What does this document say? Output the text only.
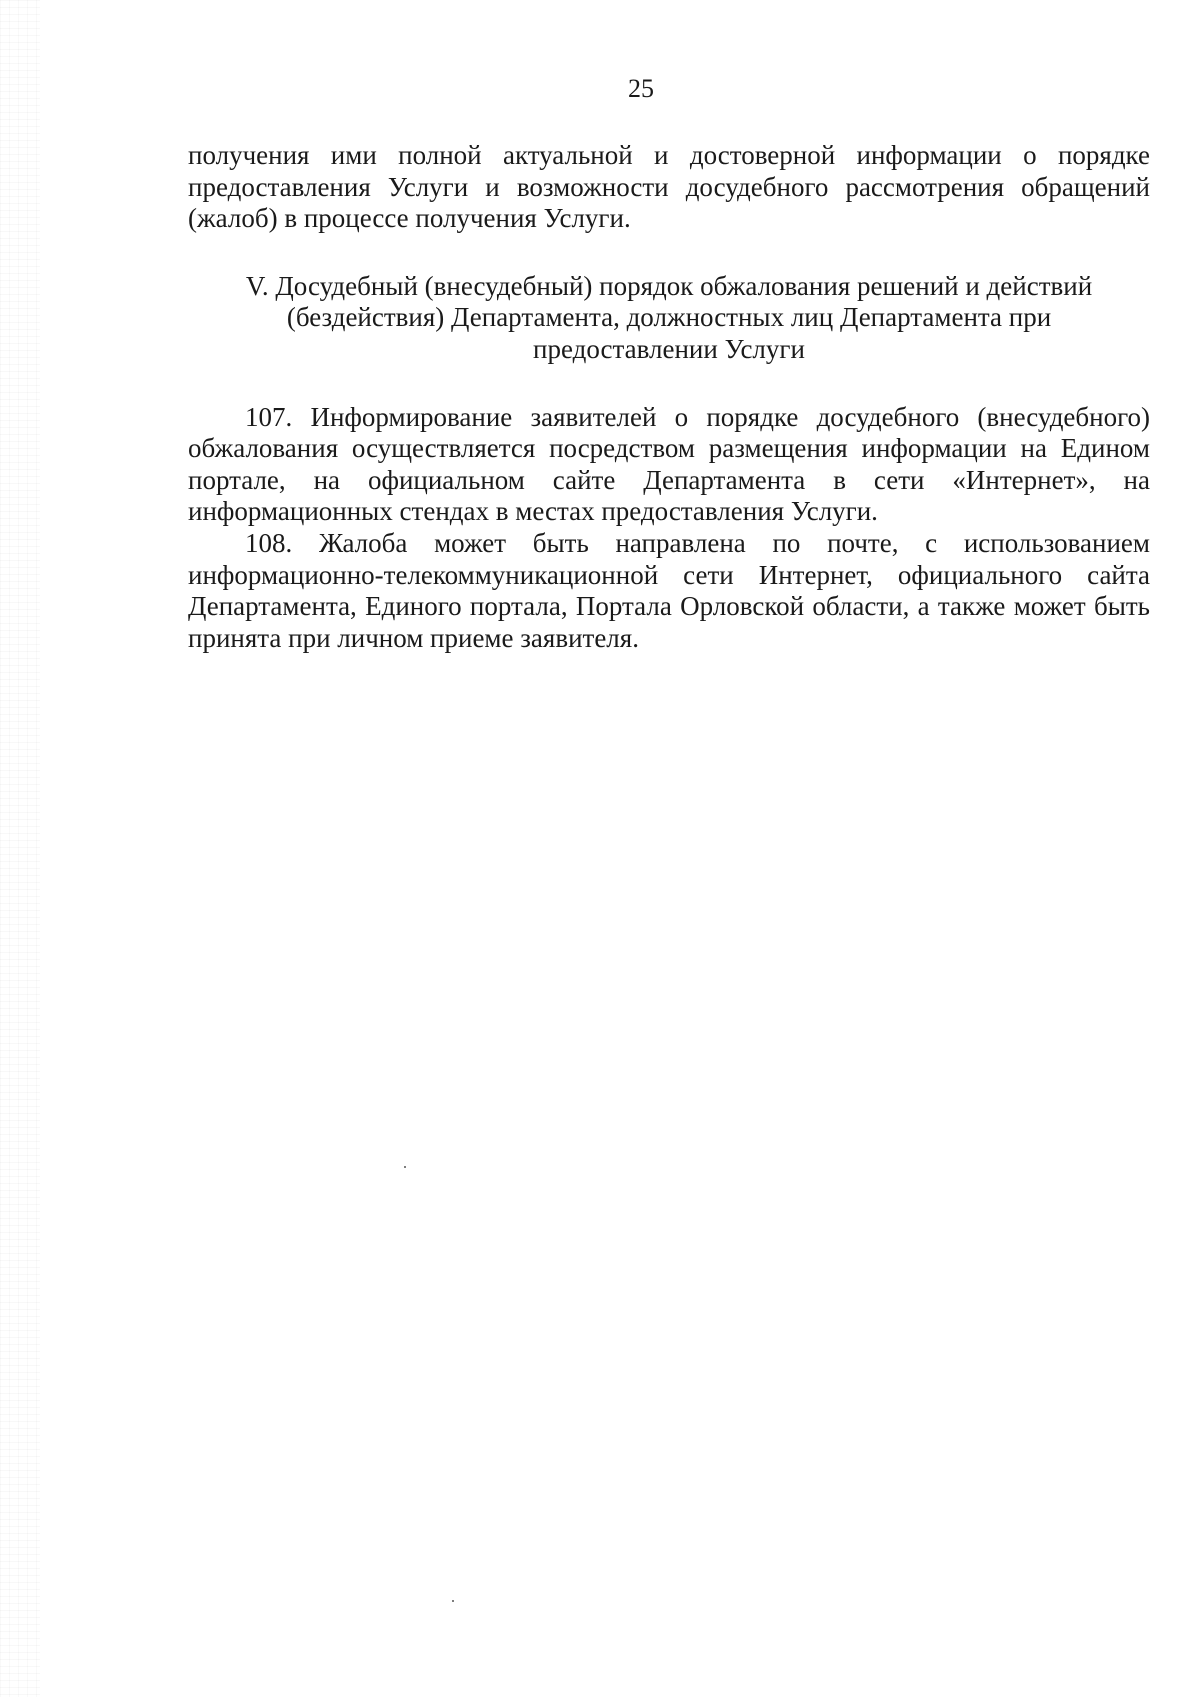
25

получения ими полной актуальной и достоверной информации о порядке предоставления Услуги и возможности досудебного рассмотрения обращений (жалоб) в процессе получения Услуги.

V. Досудебный (внесудебный) порядок обжалования решений и действий
(бездействия) Департамента, должностных лиц Департамента при
предоставлении Услуги

107. Информирование заявителей о порядке досудебного (внесудебного) обжалования осуществляется посредством размещения информации на Едином портале, на официальном сайте Департамента в сети «Интернет», на информационных стендах в местах предоставления Услуги.

108. Жалоба может быть направлена по почте, с использованием информационно-телекоммуникационной сети Интернет, официального сайта Департамента, Единого портала, Портала Орловской области, а также может быть принята при личном приеме заявителя.
